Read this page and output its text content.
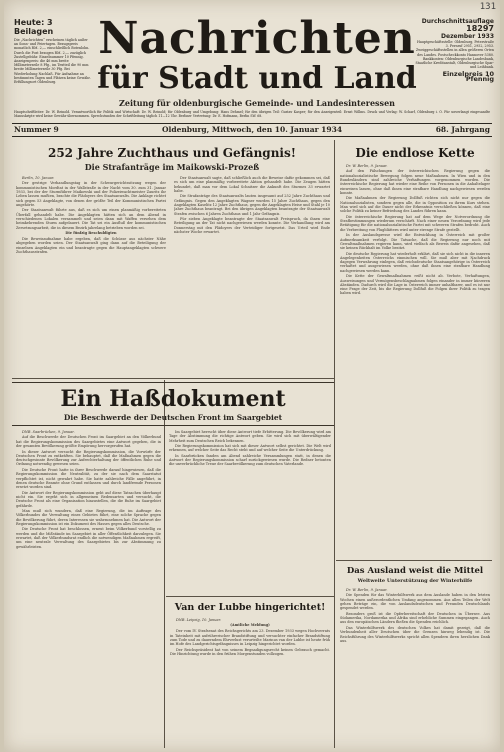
131
Heute: 3 Beilagen
Die „Nachrichten“ erscheinen täglich außer an Sonn- und Feiertagen. Bezugspreis monatlich RM. 2,— einschließlich Botenlohn. Durch die Post bezogen RM. 2,— zuzüglich Zustellgebühr. Einzelnummer 10 Pfennig. Anzeigenpreis: die 46 mm breite Millimeterzeile 8 Pfg., im Textteil die 90 mm breite Millimeterzeile 30 Pfg. Bei Wiederholung Nachlaß. Für Aufnahme an bestimmten Tagen und Plätzen keine Gewähr. Erfüllungsort Oldenburg.
Durchschnittsauflage 18297
Dezember 1933
Hauptgeschäftsstelle: Oldenburg, Peterstraße 3. Fernruf 2951, 2952, 2953. Zweiggeschäftsstellen in allen größeren Orten des Landes. Postscheckkonto Hannover 5380. Bankkonten: Oldenburgische Landesbank, Staatliche Kreditanstalt, Oldenburgische Spar- und Leihbank.
Einzelpreis 10 Pfennig
Nachrichten
für Stadt und Land
Zeitung für oldenburgische Gemeinde- und Landesinteressen
Hauptschriftleiter: Dr. W. Reinold. Verantwortlich für Politik und Wirtschaft: Dr. W. Reinold; für Oldenburg und Umgebung: Hans Dehmel; für den übrigen Teil: Gustav Kasper; für den Anzeigenteil: Ernst Willms. Druck und Verlag: W. Scharf, Oldenburg i. O. Für unverlangt eingesandte Manuskripte wird keine Gewähr übernommen. Sprechstunden der Schriftleitung täglich 11—12 Uhr. Berliner Vertretung: Dr. E. Hofmann, Berlin SW. 68.
Nummer 9	Oldenburg, Mittwoch, den 10. Januar 1934	68. Jahrgang
252 Jahre Zuchthaus und Gefängnis!
Die Strafanträge im Maikowski-Prozeß

Berlin, 10. Januar.

Der gestrige Verhandlungstag in der Schwurgerichtssitzung wegen der kommunistischen Mordtat in der Wallstraße in der Nacht vom 30. zum 31. Januar 1933, bei der der Sturmführer Maikowski und der Polizeiwachtmeister Zauritz ihr Leben lassen mußten, brachte die Plädoyers des Staatsanwalts. Die Anklage richtet sich gegen 53 Angeklagte, von denen der größte Teil der Kommunistischen Partei angehörte.

Der Staatsanwalt führte aus, daß es sich um einen planmäßig vorbereiteten Überfall gehandelt habe. Die Angeklagten hätten sich an dem Abend in verschiedenen Lokalen versammelt und seien dann mit Waffen versehen dem heimkehrenden Sturm aufgelauert. Die Tat sei ein Ausfluß der kommunistischen Zersetzungsarbeit, die in diesem Bezirk jahrelang betrieben worden sei.

Die fünfzig Beschuldigten

Die Beweisaufnahme habe ergeben, daß die Schüsse aus nächster Nähe abgegeben worden seien. Der Staatsanwalt ging dann auf die Beteiligung der einzelnen Angeklagten ein und beantragte gegen die Hauptangeklagten schwere Zuchthausstrafen.

Der Staatsanwalt sagte, daß schließlich auch die Beweise dafür gekommen sei, daß es sich um eine planmäßig vorbereitete Aktion gehandelt habe. Die Zeugen hätten bekundet, daß man vor dem Lokal Schnitzer die Ankunft des Sturmes 33 erwartet habe.

Die Strafanträge des Staatsanwalts lauten insgesamt auf 252 Jahre Zuchthaus und Gefängnis. Gegen den Angeklagten Wagner wurden 15 Jahre Zuchthaus, gegen den Angeklagten Kaselitz 12 Jahre Zuchthaus, gegen die Angeklagten Heise und Stahl je 10 Jahre Zuchthaus beantragt. Bei den übrigen Angeklagten beantragte der Staatsanwalt Strafen zwischen 6 Jahren Zuchthaus und 1 Jahr Gefängnis.

Für sieben Angeklagte beantragte der Staatsanwalt Freispruch, da ihnen eine Beteiligung an der Tat nicht nachgewiesen werden konnte. Die Verhandlung wird am Donnerstag mit den Plädoyers der Verteidiger fortgesetzt. Das Urteil wird Ende nächster Woche erwartet.

Die endlose Kette

Dr. W. Berlin, 9. Januar.

Auf den Fälschungen der österreichischen Regierung gegen die nationalsozialistische Bewegung folgen neue Maßnahmen. In Wien und in den Bundesländern sind zahlreiche Verhaftungen vorgenommen worden. Die österreichische Regierung hat wieder eine Reihe von Personen in die Anhaltelager einweisen lassen, ohne daß ihnen eine strafbare Handlung nachgewiesen werden konnte.

Die Maßnahmen der Regierung Dollfuß richten sich nicht nur gegen die Nationalsozialisten, sondern gegen alle, die in Opposition zu ihrem Kurs stehen. Man wird sich auf die Dauer nicht der Erkenntnis verschließen können, daß eine solche Politik zu keiner Befriedung des Landes führen kann.

Die österreichische Regierung hat auf dem Wege der Notverordnung die Strafbestimmungen wiederum verschärft. Nach einer neuen Verordnung wird jede Betätigung für die nationalsozialistische Partei mit schweren Strafen bedroht. Auch die Verbreitung von Flugblättern wird unter strenge Strafe gestellt.

In der Auslandspresse wird die Entwicklung in Österreich mit großer Aufmerksamkeit verfolgt. Die Tatsache, daß die Regierung nur noch mit Gewaltmaßnahmen regieren kann, wird vielfach als Beweis dafür angesehen, daß sie keinen Rückhalt im Volke besitzt.

Die deutsche Regierung hat wiederholt erklärt, daß sie sich nicht in die inneren Angelegenheiten Österreichs einmischen will. Sie muß aber mit Nachdruck dagegen Verwahrung einlegen, daß reichsdeutsche Staatsangehörige in Österreich verhaftet und ausgewiesen werden, ohne daß ihnen eine strafbare Handlung nachgewiesen werden kann.

Die Kette der Gewaltmaßnahmen reißt nicht ab. Verbote, Verhaftungen, Ausweisungen und Vermögensbeschlagnahmen folgen einander in immer kürzeren Abständen. Dadurch wird die Lage in Österreich immer unhaltbarer, und es ist nur eine Frage der Zeit, bis die Regierung Dollfuß die Folgen ihrer Politik zu tragen haben wird.

Ein Haßdokument
Die Beschwerde der Deutschen Front im Saargebiet

DNB. Saarbrücken, 9. Januar.

Auf die Beschwerde der Deutschen Front im Saargebiet an den Völkerbund hat die Regierungskommission des Saargebietes eine Antwort gegeben, die in der gesamten Bevölkerung größte Empörung hervorgerufen hat.

In dieser Antwort versucht die Regierungskommission, die Vorwürfe der Deutschen Front zu entkräften. Sie behauptet, daß die Maßnahmen gegen die deutschgesinnte Bevölkerung zur Aufrechterhaltung der öffentlichen Ruhe und Ordnung notwendig gewesen seien.

Die Deutsche Front hatte in ihrer Beschwerde darauf hingewiesen, daß die Regierungskommission die Neutralität, zu der sie nach dem Saarstatut verpflichtet ist, nicht gewahrt habe. Sie hatte zahlreiche Fälle angeführt, in denen deutsche Beamte ohne Grund entlassen und durch landfremde Personen ersetzt worden sind.

Die Antwort der Regierungskommission geht auf diese Tatsachen überhaupt nicht ein. Sie ergeht sich in allgemeinen Redensarten und versucht, die Deutsche Front als eine Organisation hinzustellen, die die Ruhe im Saargebiet gefährde.

Man muß sich wundern, daß eine Regierung, die im Auftrage des Völkerbundes die Verwaltung eines Gebietes führt, eine solche Sprache gegen die Bevölkerung führt, deren Interessen sie wahrzunehmen hat. Die Antwort der Regierungskommission ist ein Dokument des Hasses gegen alles Deutsche.

Die Deutsche Front hat beschlossen, erneut beim Völkerbund vorstellig zu werden und die Mißstände im Saargebiet in aller Öffentlichkeit darzulegen. Sie erwartet, daß der Völkerbundsrat endlich die notwendigen Maßnahmen ergreift, um eine neutrale Verwaltung des Saargebietes bis zur Abstimmung zu gewährleisten.

Im Saargebiet herrscht über diese Antwort tiefe Erbitterung. Die Bevölkerung wird am Tage der Abstimmung die richtige Antwort geben. Sie wird sich mit überwältigender Mehrheit zum Deutschen Reich bekennen.

Die Regierungskommission hat sich mit dieser Antwort selbst gerichtet. Die Welt wird erkennen, auf welcher Seite das Recht steht und auf welcher Seite die Unterdrückung.

In Saarbrücken fanden am Abend zahlreiche Versammlungen statt, in denen die Antwort der Regierungskommission scharf zurückgewiesen wurde. Die Redner betonten die unverbrüchliche Treue der Saarbevölkerung zum deutschen Vaterlande.

Van der Lubbe hingerichtet!

DNB. Leipzig, 10. Januar.

(Amtliche Meldung)

Der vom IV. Strafsenat des Reichsgerichts am 23. Dezember 1933 wegen Hochverrats in Tateinheit mit aufrührerischer Brandstiftung und versuchter einfacher Brandstiftung zum Tode und zu dauerndem Ehrverlust verurteilte Marinus van der Lubbe ist heute früh im Hofe des Landgerichtsgefängnisses in Leipzig hingerichtet worden.

Der Reichspräsident hat von seinem Begnadigungsrecht keinen Gebrauch gemacht. Die Hinrichtung wurde in den frühen Morgenstunden vollzogen.

Das Ausland weist die Mittel
Weltweite Unterstützung der Winterhilfe

Dr. W. Berlin, 9. Januar.

Die Spenden für das Winterhilfswerk aus dem Auslande haben in den letzten Wochen einen außerordentlichen Umfang angenommen. Aus allen Teilen der Welt gehen Beträge ein, die von Auslandsdeutschen und Freunden Deutschlands gespendet werden.

Besonders groß ist die Opferbereitschaft der Deutschen in Übersee. Aus Südamerika, Nordamerika und Afrika sind erhebliche Summen eingegangen. Auch aus den europäischen Ländern fließen die Spenden reichlich.

Das Winterhilfswerk des deutschen Volkes hat damit gezeigt, daß die Verbundenheit aller Deutschen über die Grenzen hinweg lebendig ist. Die Reichsführung des Winterhilfswerks spricht allen Spendern ihren herzlichen Dank aus.
